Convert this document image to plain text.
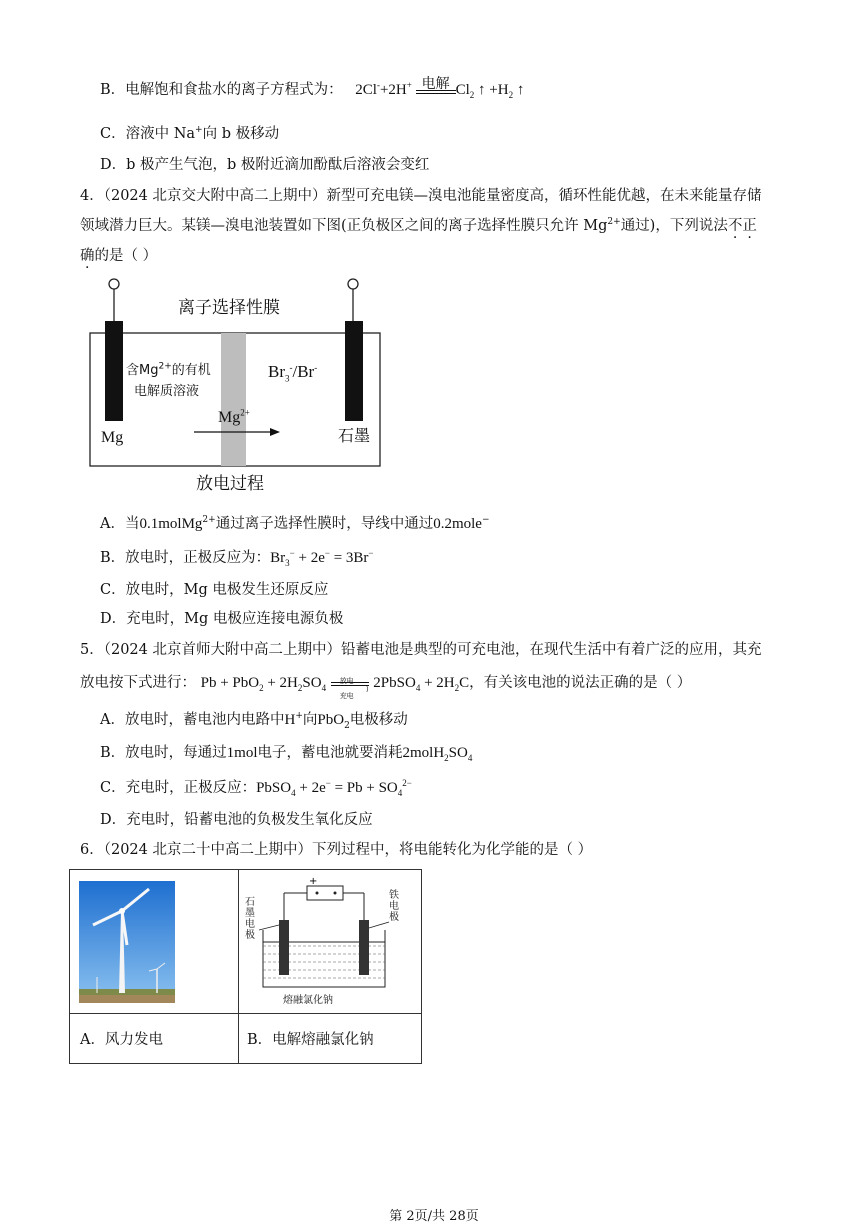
B．电解饱和食盐水的离子方程式为： 2Cl-+2H+ 电解 $Cl_2$ ↑ $+H_2$ ↑
C．溶液中 Na+向 b 极移动
D．b 极产生气泡，b 极附近滴加酚酞后溶液会变红
4．（2024 北京交大附中高二上期中）新型可充电镁—溴电池能量密度高，循环性能优越，在未来能量存储
领域潜力巨大。某镁—溴电池装置如下图(正负极区之间的离子选择性膜只允许 $Mg^{2+}$通过)，下列说法不正
确的是（ ）
离子选择性膜
含$Mg^{2+}$的有机
电解质溶液
$Br_3^-/Br^-$
$Mg^{2+}$
Mg	石墨
放电过程
A．当0.1molMg$^{2+}$通过离子选择性膜时，导线中通过0.2mole−
B．放电时，正极反应为：$Br_3^- + 2e^- = 3Br^-$
C．放电时，Mg 电极发生还原反应
D．充电时，Mg 电极应连接电源负极
5．（2024 北京首师大附中高二上期中）铅蓄电池是典型的可充电池，在现代生活中有着广泛的应用，其充
放电按下式进行： $Pb + PbO_2 + 2H_2SO_4$
放电
⟩
充电
2PbSO$_4$ + $2H_2C$，有关该电池的说法正确的是（ ）
A．放电时，蓄电池内电路中H+向PbO$_2$电极移动
B．放电时，每通过1mol电子，蓄电池就要消耗$2molH_2SO_4$
C．充电时，正极反应：PbSO$_4$ + $2e^- = Pb + SO_4^{2-}$
D．充电时，铅蓄电池的负极发生氧化反应
6．（2024 北京二十中高二上期中）下列过程中，将电能转化为化学能的是（ ）

+
石墨电极
铁电极
熔融氯化钠

A．风力发电	B．电解熔融氯化钠
第 2页/共 28页
